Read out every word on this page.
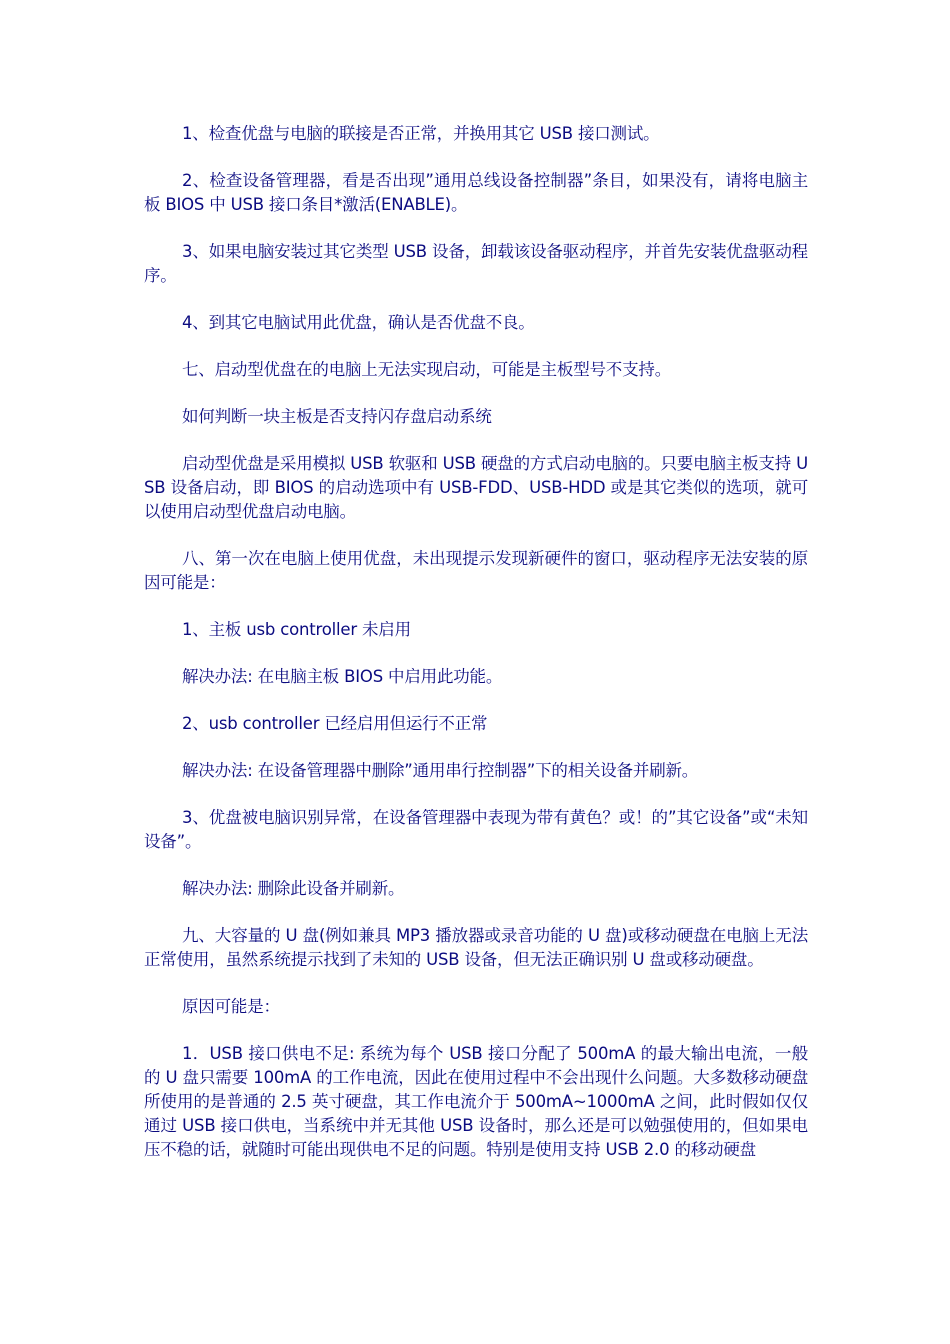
1、检查优盘与电脑的联接是否正常，并换用其它 USB 接口测试。

2、检查设备管理器，看是否出现”通用总线设备控制器”条目，如果没有，请将电脑主板 BIOS 中 USB 接口条目*激活(ENABLE)。

3、如果电脑安装过其它类型 USB 设备，卸载该设备驱动程序，并首先安装优盘驱动程序。

4、到其它电脑试用此优盘，确认是否优盘不良。

七、启动型优盘在的电脑上无法实现启动，可能是主板型号不支持。

如何判断一块主板是否支持闪存盘启动系统

启动型优盘是采用模拟 USB 软驱和 USB 硬盘的方式启动电脑的。只要电脑主板支持 USB 设备启动，即 BIOS 的启动选项中有 USB-FDD、USB-HDD 或是其它类似的选项，就可以使用启动型优盘启动电脑。

八、第一次在电脑上使用优盘，未出现提示发现新硬件的窗口，驱动程序无法安装的原因可能是：

1、主板 usb controller 未启用

解决办法: 在电脑主板 BIOS 中启用此功能。

2、usb controller 已经启用但运行不正常

解决办法: 在设备管理器中删除”通用串行控制器”下的相关设备并刷新。

3、优盘被电脑识别异常，在设备管理器中表现为带有黄色？或！的”其它设备”或“未知设备”。

解决办法: 删除此设备并刷新。

九、大容量的 U 盘(例如兼具 MP3 播放器或录音功能的 U 盘)或移动硬盘在电脑上无法正常使用，虽然系统提示找到了未知的 USB 设备，但无法正确识别 U 盘或移动硬盘。

原因可能是：

1．USB 接口供电不足: 系统为每个 USB 接口分配了 500mA 的最大输出电流，一般的 U 盘只需要 100mA 的工作电流，因此在使用过程中不会出现什么问题。大多数移动硬盘所使用的是普通的 2.5 英寸硬盘，其工作电流介于 500mA~1000mA 之间，此时假如仅仅通过 USB 接口供电，当系统中并无其他 USB 设备时，那么还是可以勉强使用的，但如果电压不稳的话，就随时可能出现供电不足的问题。特别是使用支持 USB 2.0 的移动硬盘
